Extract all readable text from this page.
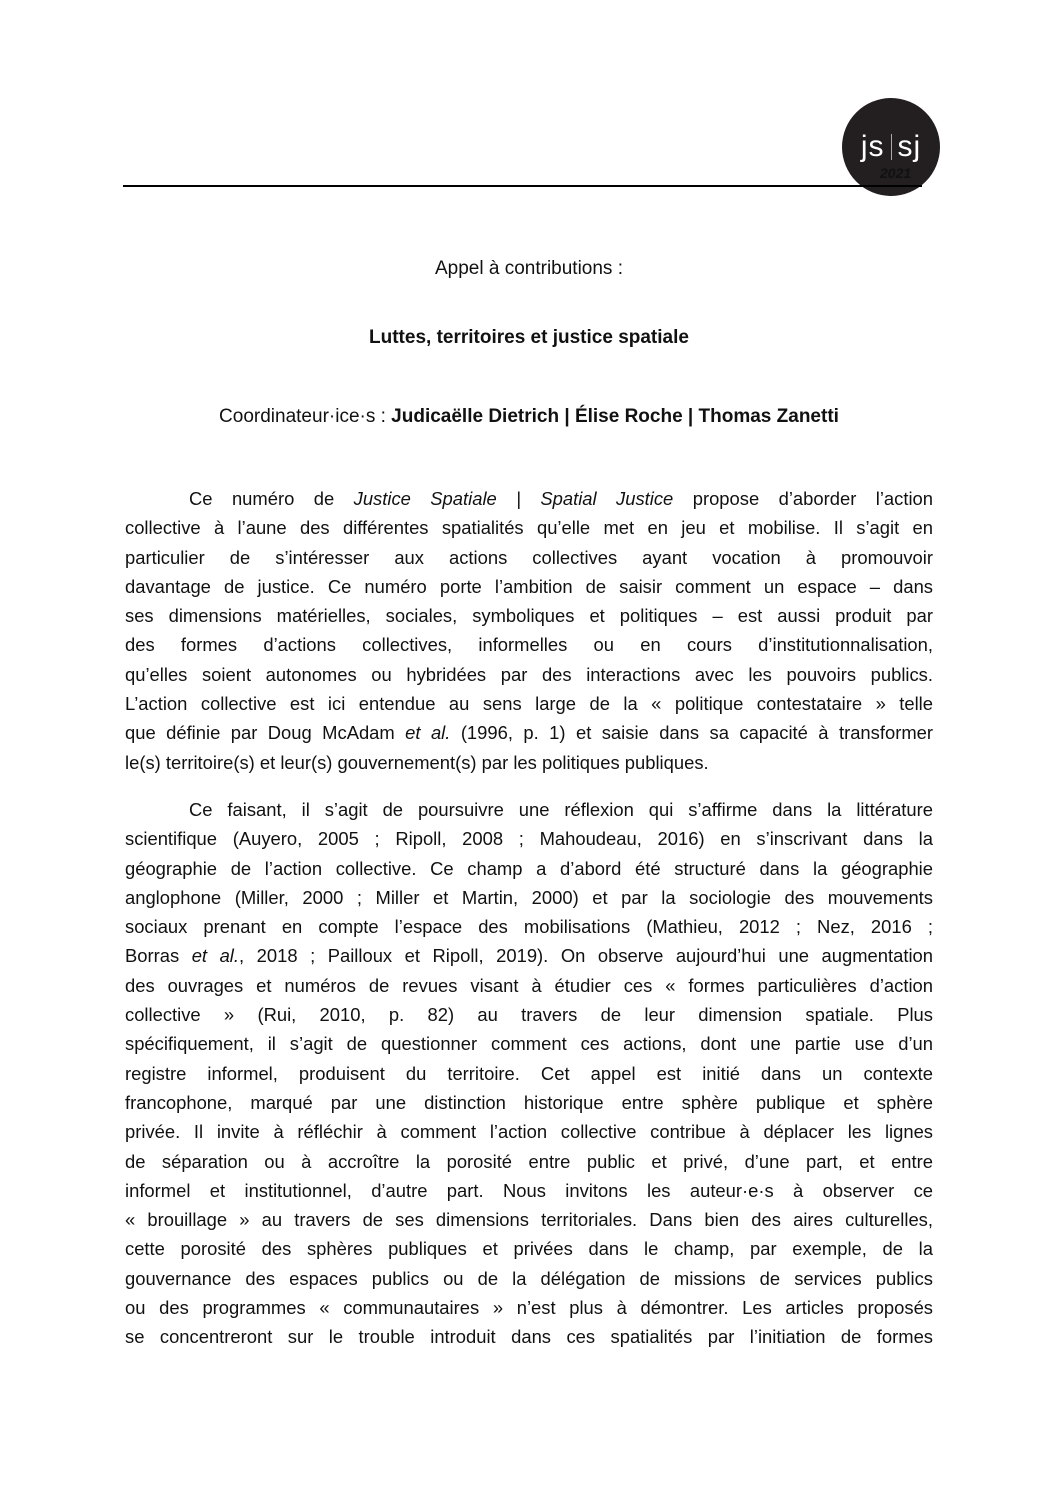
js sj
2021
Appel à contributions :
Luttes, territoires et justice spatiale
Coordinateur·ice·s : Judicaëlle Dietrich | Élise Roche | Thomas Zanetti
Ce numéro de Justice Spatiale | Spatial Justice propose d’aborder l’action
collective à l’aune des différentes spatialités qu’elle met en jeu et mobilise. Il s’agit en
particulier de s’intéresser aux actions collectives ayant vocation à promouvoir
davantage de justice. Ce numéro porte l’ambition de saisir comment un espace – dans
ses dimensions matérielles, sociales, symboliques et politiques – est aussi produit par
des formes d’actions collectives, informelles ou en cours d’institutionnalisation,
qu’elles soient autonomes ou hybridées par des interactions avec les pouvoirs publics.
L’action collective est ici entendue au sens large de la « politique contestataire » telle
que définie par Doug McAdam et al. (1996, p. 1) et saisie dans sa capacité à transformer
le(s) territoire(s) et leur(s) gouvernement(s) par les politiques publiques.
Ce faisant, il s’agit de poursuivre une réflexion qui s’affirme dans la littérature
scientifique (Auyero, 2005 ; Ripoll, 2008 ; Mahoudeau, 2016) en s’inscrivant dans la
géographie de l’action collective. Ce champ a d’abord été structuré dans la géographie
anglophone (Miller, 2000 ; Miller et Martin, 2000) et par la sociologie des mouvements
sociaux prenant en compte l’espace des mobilisations (Mathieu, 2012 ; Nez, 2016 ;
Borras et al., 2018 ; Pailloux et Ripoll, 2019). On observe aujourd’hui une augmentation
des ouvrages et numéros de revues visant à étudier ces « formes particulières d’action
collective » (Rui, 2010, p. 82) au travers de leur dimension spatiale. Plus
spécifiquement, il s’agit de questionner comment ces actions, dont une partie use d’un
registre informel, produisent du territoire. Cet appel est initié dans un contexte
francophone, marqué par une distinction historique entre sphère publique et sphère
privée. Il invite à réfléchir à comment l’action collective contribue à déplacer les lignes
de séparation ou à accroître la porosité entre public et privé, d’une part, et entre
informel et institutionnel, d’autre part. Nous invitons les auteur·e·s à observer ce
« brouillage » au travers de ses dimensions territoriales. Dans bien des aires culturelles,
cette porosité des sphères publiques et privées dans le champ, par exemple, de la
gouvernance des espaces publics ou de la délégation de missions de services publics
ou des programmes « communautaires » n’est plus à démontrer. Les articles proposés
se concentreront sur le trouble introduit dans ces spatialités par l’initiation de formes
